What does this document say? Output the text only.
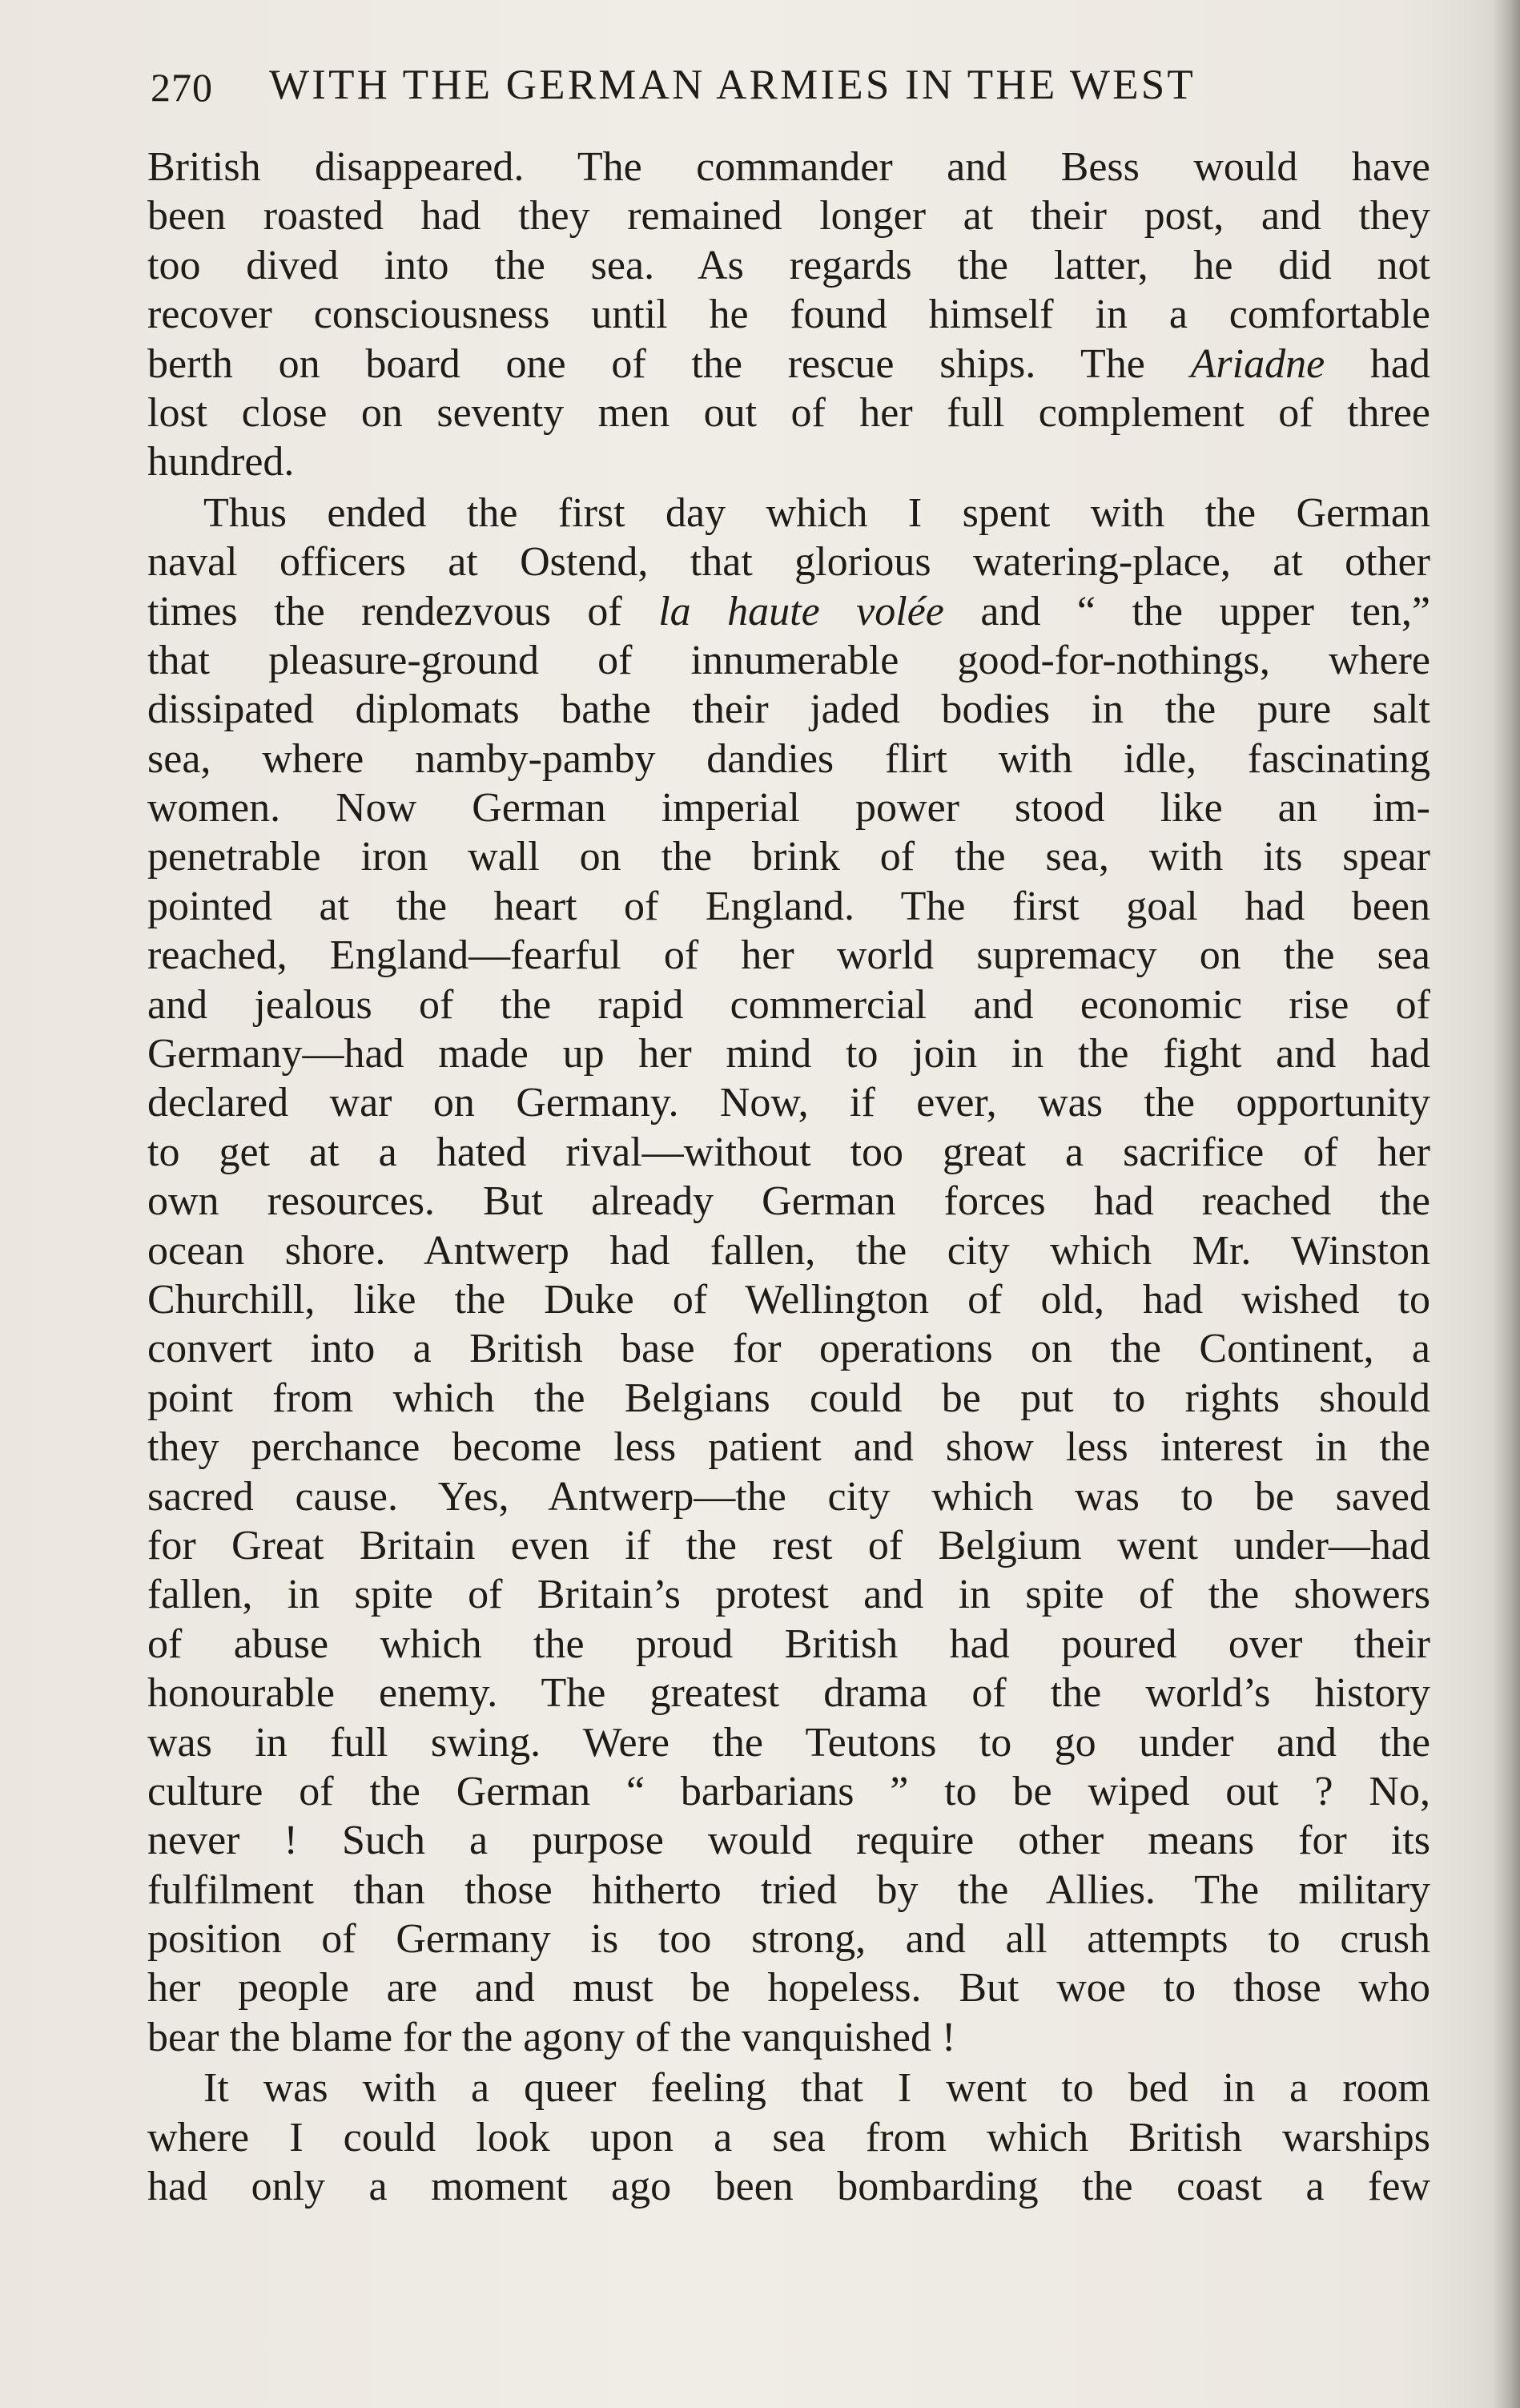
270 WITH THE GERMAN ARMIES IN THE WEST
British disappeared. The commander and Bess would have
been roasted had they remained longer at their post, and they
too dived into the sea. As regards the latter, he did not
recover consciousness until he found himself in a comfortable
berth on board one of the rescue ships. The Ariadne had
lost close on seventy men out of her full complement of three
hundred.
Thus ended the first day which I spent with the German
naval officers at Ostend, that glorious watering-place, at other
times the rendezvous of la haute volée and “ the upper ten,”
that pleasure-ground of innumerable good-for-nothings, where
dissipated diplomats bathe their jaded bodies in the pure salt
sea, where namby-pamby dandies flirt with idle, fascinating
women. Now German imperial power stood like an im-
penetrable iron wall on the brink of the sea, with its spear
pointed at the heart of England. The first goal had been
reached, England—fearful of her world supremacy on the sea
and jealous of the rapid commercial and economic rise of
Germany—had made up her mind to join in the fight and had
declared war on Germany. Now, if ever, was the opportunity
to get at a hated rival—without too great a sacrifice of her
own resources. But already German forces had reached the
ocean shore. Antwerp had fallen, the city which Mr. Winston
Churchill, like the Duke of Wellington of old, had wished to
convert into a British base for operations on the Continent, a
point from which the Belgians could be put to rights should
they perchance become less patient and show less interest in the
sacred cause. Yes, Antwerp—the city which was to be saved
for Great Britain even if the rest of Belgium went under—had
fallen, in spite of Britain’s protest and in spite of the showers
of abuse which the proud British had poured over their
honourable enemy. The greatest drama of the world’s history
was in full swing. Were the Teutons to go under and the
culture of the German “ barbarians ” to be wiped out ? No,
never ! Such a purpose would require other means for its
fulfilment than those hitherto tried by the Allies. The military
position of Germany is too strong, and all attempts to crush
her people are and must be hopeless. But woe to those who
bear the blame for the agony of the vanquished !
It was with a queer feeling that I went to bed in a room
where I could look upon a sea from which British warships
had only a moment ago been bombarding the coast a few
